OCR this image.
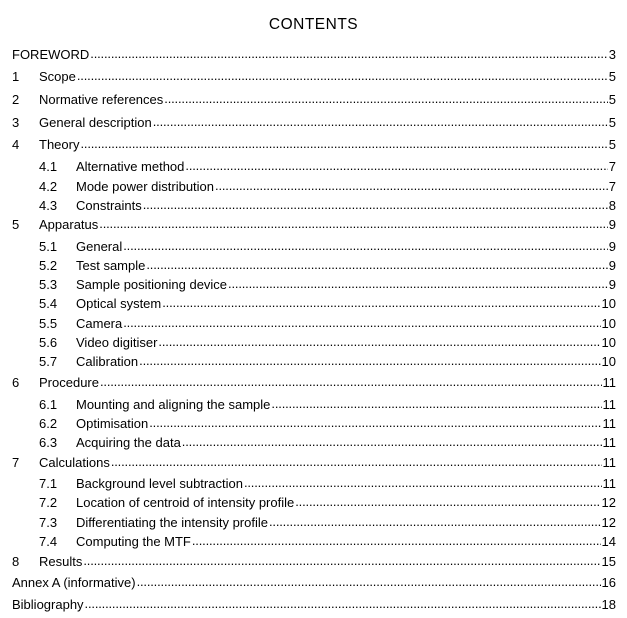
CONTENTS
FOREWORD . . .	3
1	Scope . . .	5
2	Normative references . . .	5
3	General description . . .	5
4	Theory . . .	5
4.1	Alternative method . . .	7
4.2	Mode power distribution . . .	7
4.3	Constraints . . .	8
5	Apparatus . . .	9
5.1	General . . .	9
5.2	Test sample . . .	9
5.3	Sample positioning device . . .	9
5.4	Optical system . . .	10
5.5	Camera . . .	10
5.6	Video digitiser . . .	10
5.7	Calibration . . .	10
6	Procedure . . .	11
6.1	Mounting and aligning the sample . . .	11
6.2	Optimisation . . .	11
6.3	Acquiring the data . . .	11
7	Calculations . . .	11
7.1	Background level subtraction . . .	11
7.2	Location of centroid of intensity profile . . .	12
7.3	Differentiating the intensity profile . . .	12
7.4	Computing the MTF . . .	14
8	Results . . .	15
Annex A (informative) . . .	16
Bibliography . . .	18
